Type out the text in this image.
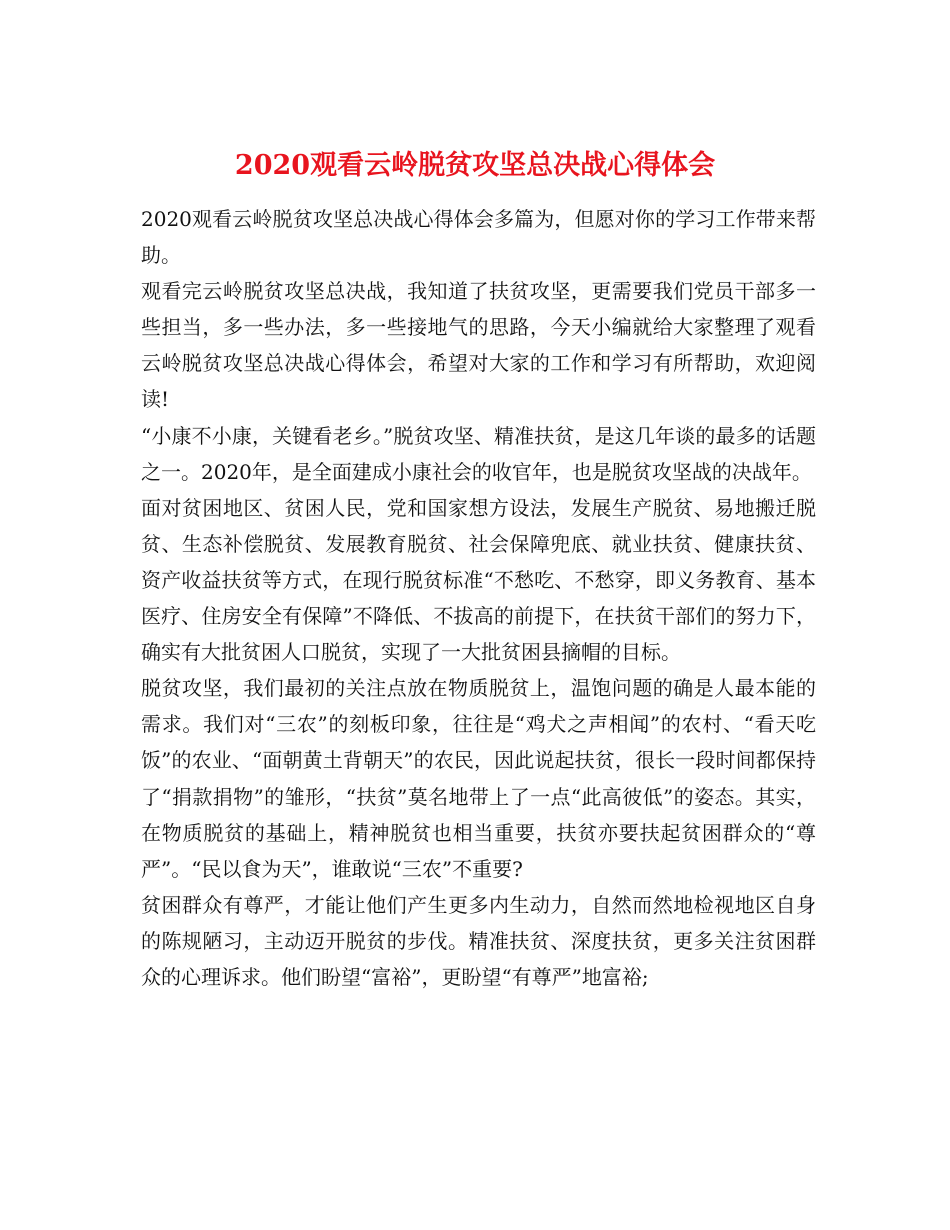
2020观看云岭脱贫攻坚总决战心得体会

2020观看云岭脱贫攻坚总决战心得体会多篇为，但愿对你的学习工作带来帮助。

观看完云岭脱贫攻坚总决战，我知道了扶贫攻坚，更需要我们党员干部多一些担当，多一些办法，多一些接地气的思路，今天小编就给大家整理了观看云岭脱贫攻坚总决战心得体会，希望对大家的工作和学习有所帮助，欢迎阅读!

“小康不小康，关键看老乡。”脱贫攻坚、精准扶贫，是这几年谈的最多的话题之一。2020年，是全面建成小康社会的收官年，也是脱贫攻坚战的决战年。

面对贫困地区、贫困人民，党和国家想方设法，发展生产脱贫、易地搬迁脱贫、生态补偿脱贫、发展教育脱贫、社会保障兜底、就业扶贫、健康扶贫、资产收益扶贫等方式，在现行脱贫标准“不愁吃、不愁穿，即义务教育、基本医疗、住房安全有保障”不降低、不拔高的前提下，在扶贫干部们的努力下，确实有大批贫困人口脱贫，实现了一大批贫困县摘帽的目标。

脱贫攻坚，我们最初的关注点放在物质脱贫上，温饱问题的确是人最本能的需求。我们对“三农”的刻板印象，往往是“鸡犬之声相闻”的农村、“看天吃饭”的农业、“面朝黄土背朝天”的农民，因此说起扶贫，很长一段时间都保持了“捐款捐物”的雏形，“扶贫”莫名地带上了一点“此高彼低”的姿态。其实，在物质脱贫的基础上，精神脱贫也相当重要，扶贫亦要扶起贫困群众的“尊严”。“民以食为天”，谁敢说“三农”不重要?

贫困群众有尊严，才能让他们产生更多内生动力，自然而然地检视地区自身的陈规陋习，主动迈开脱贫的步伐。精准扶贫、深度扶贫，更多关注贫困群众的心理诉求。他们盼望“富裕”，更盼望“有尊严”地富裕;
